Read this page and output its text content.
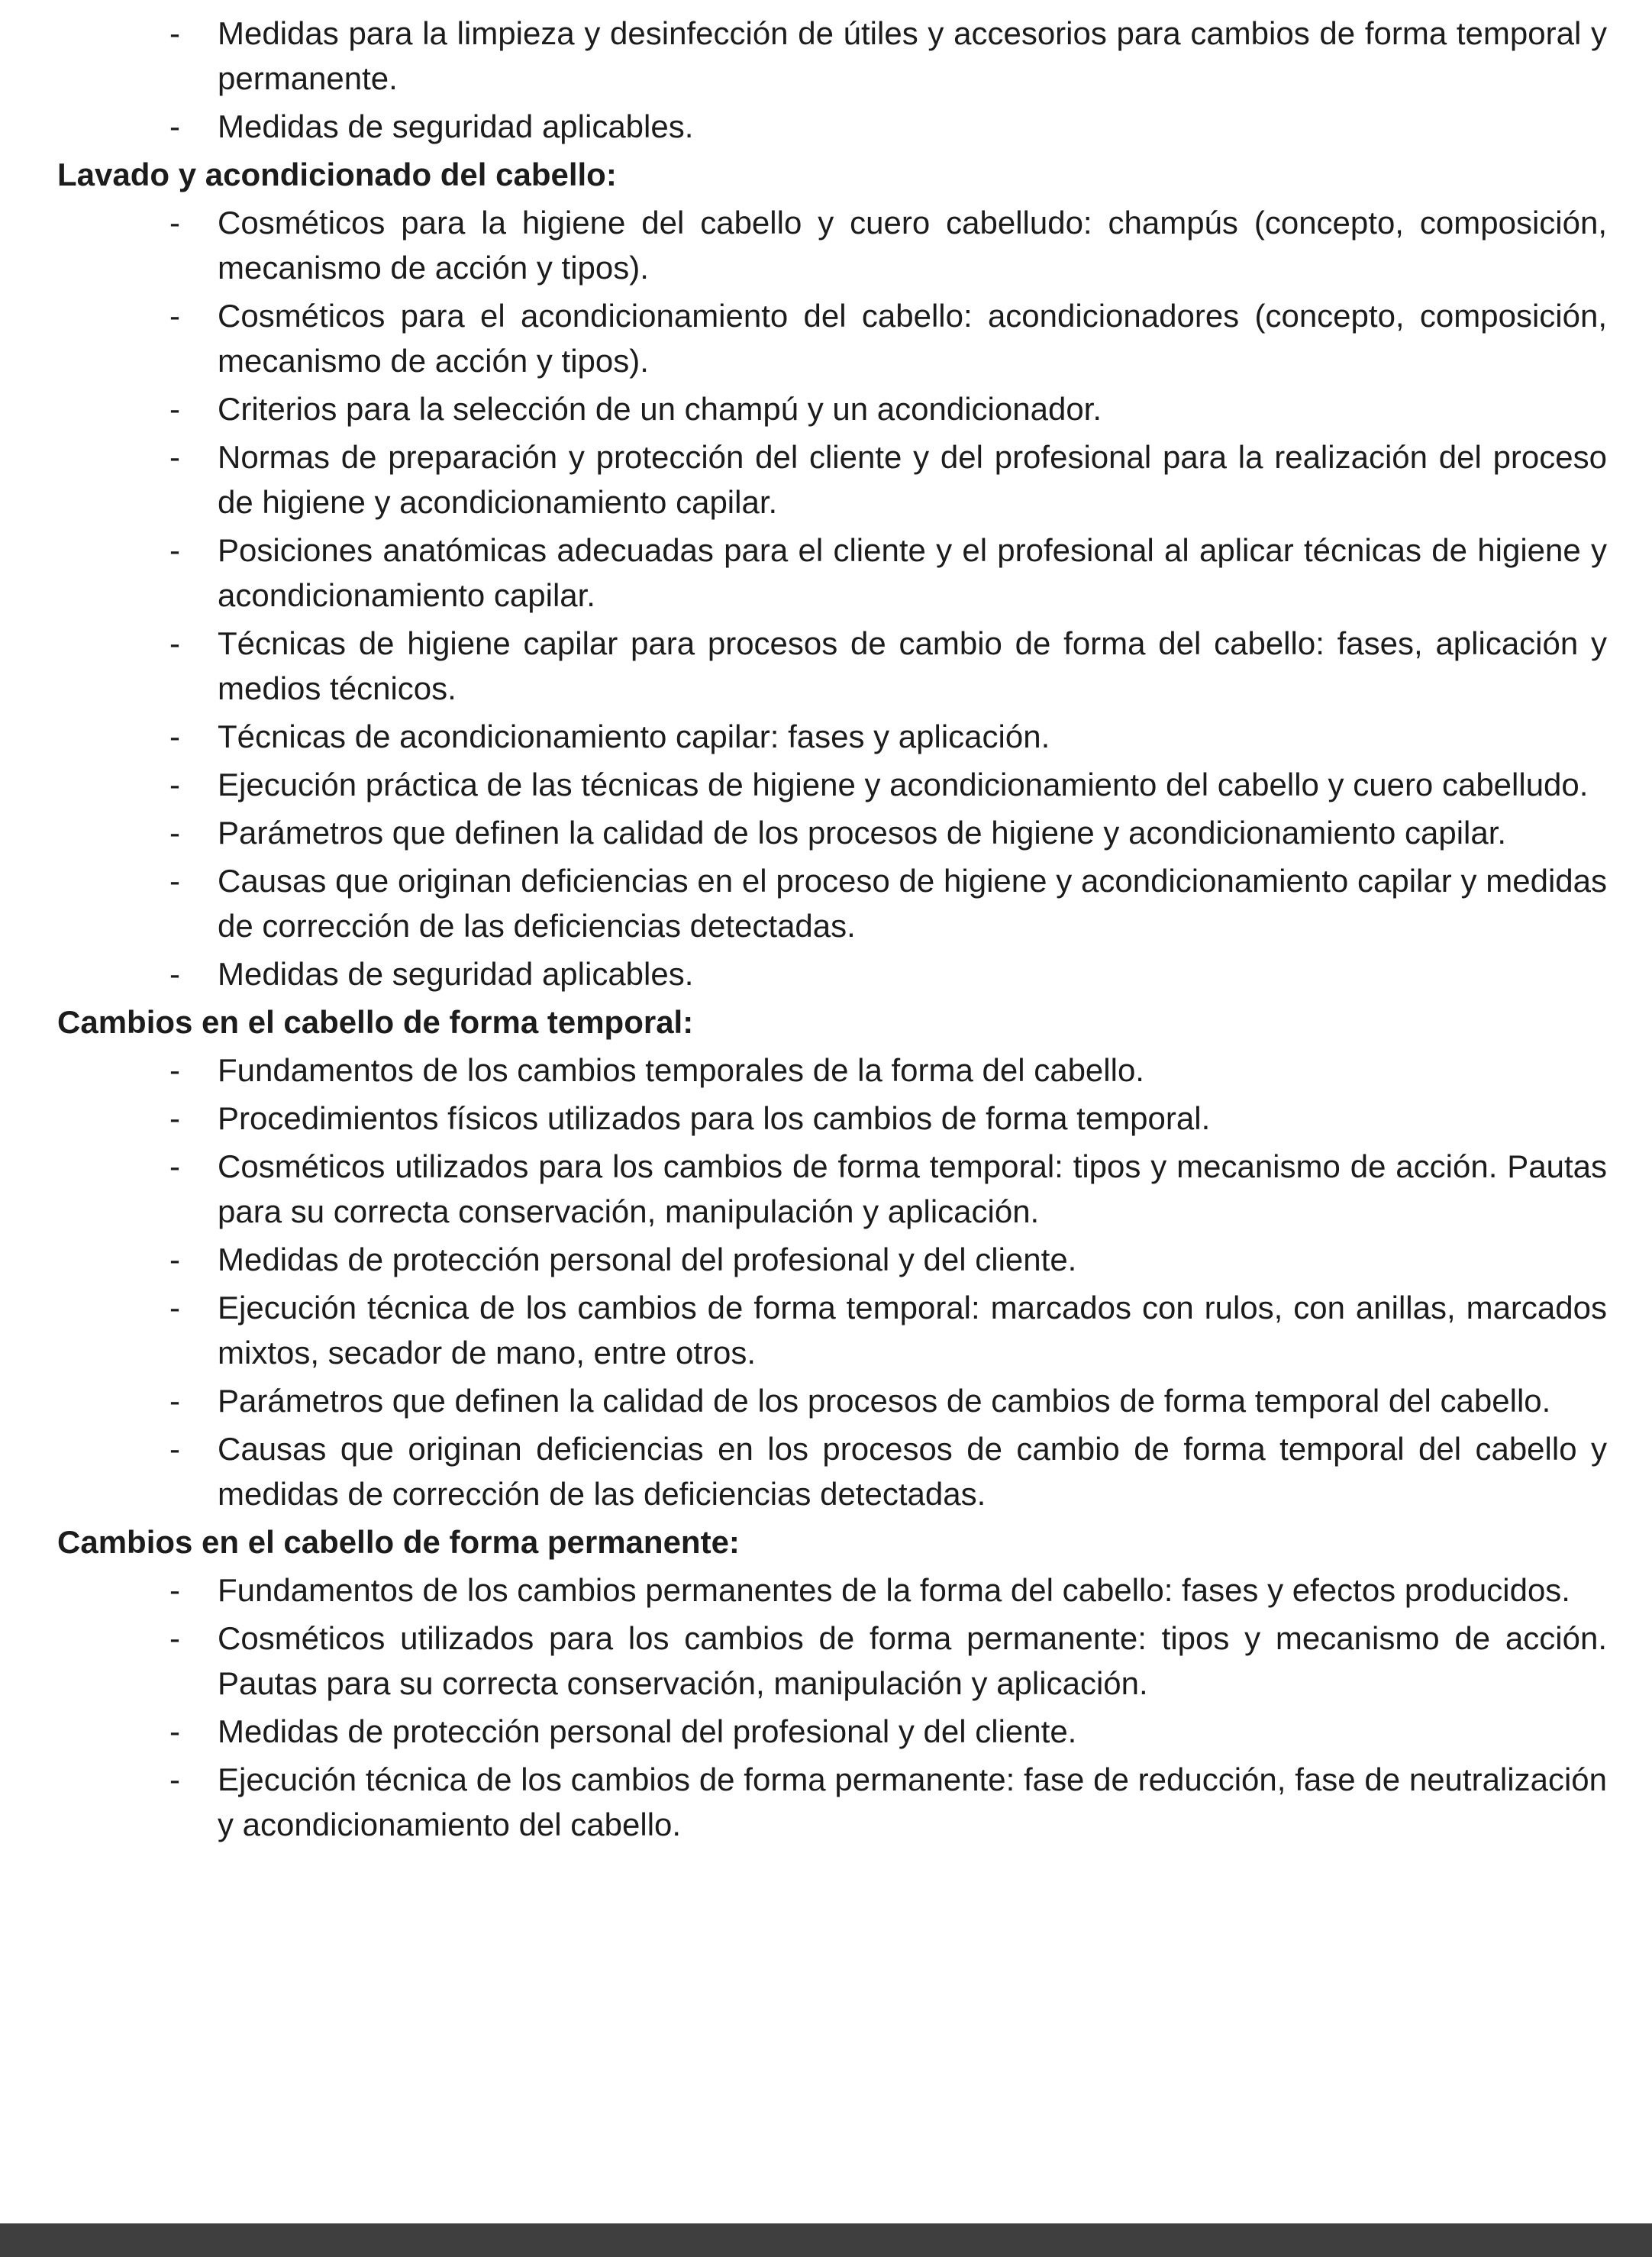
-	Medidas para la limpieza y desinfección de útiles y accesorios para cambios de forma temporal y permanente.
-	Medidas de seguridad aplicables.
Lavado y acondicionado del cabello:
-	Cosméticos para la higiene del cabello y cuero cabelludo: champús (concepto, composición, mecanismo de acción y tipos).
-	Cosméticos para el acondicionamiento del cabello: acondicionadores (concepto, composición, mecanismo de acción y tipos).
-	Criterios para la selección de un champú y un acondicionador.
-	Normas de preparación y protección del cliente y del profesional para la realización del proceso de higiene y acondicionamiento capilar.
-	Posiciones anatómicas adecuadas para el cliente y el profesional al aplicar técnicas de higiene y acondicionamiento capilar.
-	Técnicas de higiene capilar para procesos de cambio de forma del cabello: fases, aplicación y medios técnicos.
-	Técnicas de acondicionamiento capilar: fases y aplicación.
-	Ejecución práctica de las técnicas de higiene y acondicionamiento del cabello y cuero cabelludo.
-	Parámetros que definen la calidad de los procesos de higiene y acondicionamiento capilar.
-	Causas que originan deficiencias en el proceso de higiene y acondicionamiento capilar y medidas de corrección de las deficiencias detectadas.
-	Medidas de seguridad aplicables.
Cambios en el cabello de forma temporal:
-	Fundamentos de los cambios temporales de la forma del cabello.
-	Procedimientos físicos utilizados para los cambios de forma temporal.
-	Cosméticos utilizados para los cambios de forma temporal: tipos y mecanismo de acción. Pautas para su correcta conservación, manipulación y aplicación.
-	Medidas de protección personal del profesional y del cliente.
-	Ejecución técnica de los cambios de forma temporal: marcados con rulos, con anillas, marcados mixtos, secador de mano, entre otros.
-	Parámetros que definen la calidad de los procesos de cambios de forma temporal del cabello.
-	Causas que originan deficiencias en los procesos de cambio de forma temporal del cabello y medidas de corrección de las deficiencias detectadas.
Cambios en el cabello de forma permanente:
-	Fundamentos de los cambios permanentes de la forma del cabello: fases y efectos producidos.
-	Cosméticos utilizados para los cambios de forma permanente: tipos y mecanismo de acción. Pautas para su correcta conservación, manipulación y aplicación.
-	Medidas de protección personal del profesional y del cliente.
-	Ejecución técnica de los cambios de forma permanente: fase de reducción, fase de neutralización y acondicionamiento del cabello.
